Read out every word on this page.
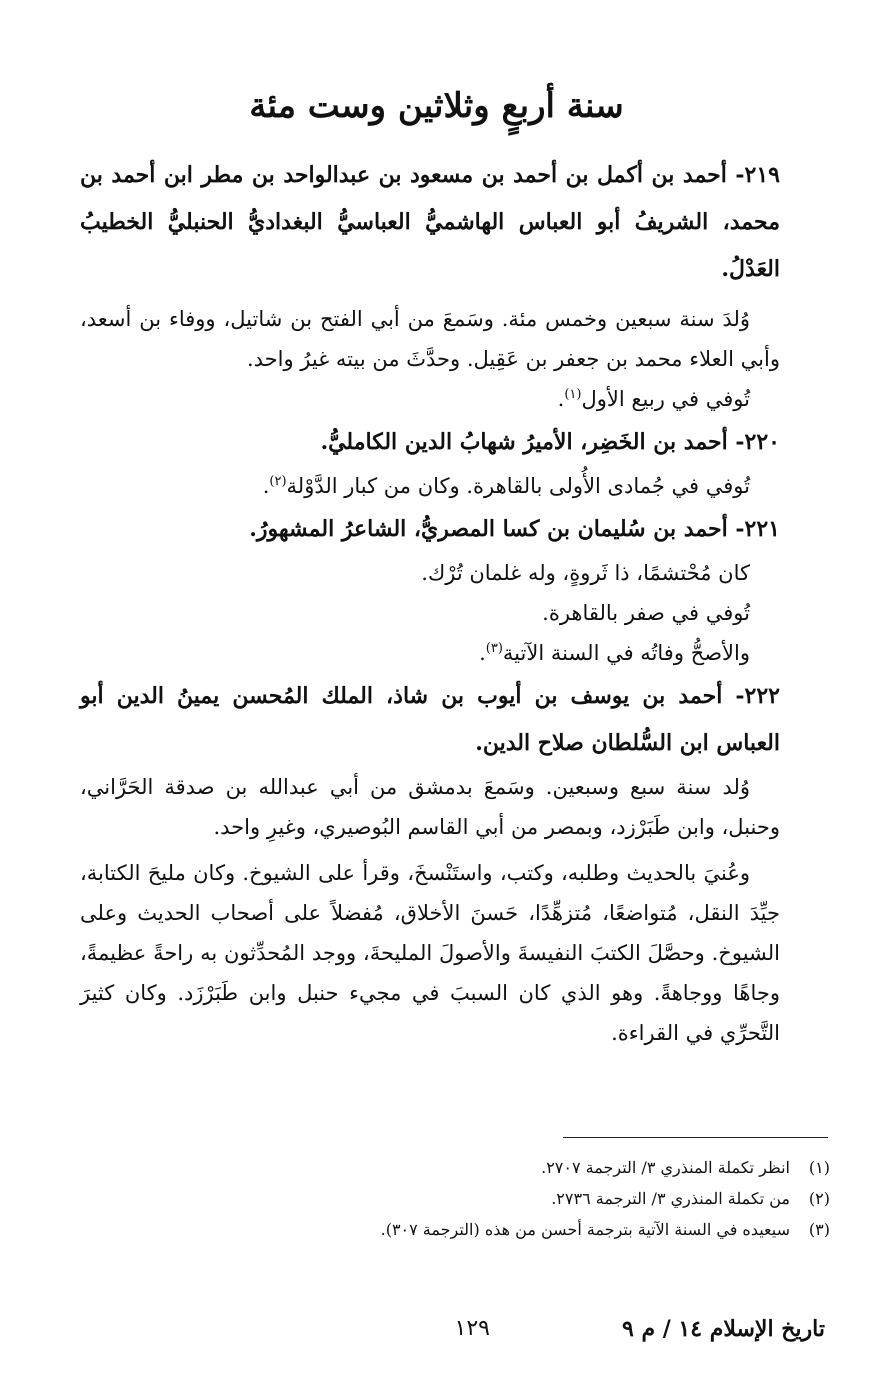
سنة أربعٍ وثلاثين وست مئة

٢١٩- أحمد بن أكمل بن أحمد بن مسعود بن عبدالواحد بن مطر ابن أحمد بن محمد، الشريفُ أبو العباس الهاشميُّ العباسيُّ البغداديُّ الحنبليُّ الخطيبُ العَدْلُ.

وُلدَ سنة سبعين وخمس مئة. وسَمعَ من أبي الفتح بن شاتيل، ووفاء بن أسعد، وأبي العلاء محمد بن جعفر بن عَقِيل. وحدَّثَ من بيته غيرُ واحد.

تُوفي في ربيع الأول$^{(١)}$.

٢٢٠- أحمد بن الخَضِر، الأميرُ شهابُ الدين الكامليُّ.

تُوفي في جُمادى الأُولى بالقاهرة. وكان من كبار الدَّوْلة$^{(٢)}$.

٢٢١- أحمد بن سُليمان بن كسا المصريُّ، الشاعرُ المشهورُ.

كان مُحْتشمًا، ذا ثَروةٍ، وله غلمان تُرْك.

تُوفي في صفر بالقاهرة.

والأصحُّ وفاتُه في السنة الآتية$^{(٣)}$.

٢٢٢- أحمد بن يوسف بن أيوب بن شاذ، الملك المُحسن يمينُ الدين أبو العباس ابن السُّلطان صلاح الدين.

وُلد سنة سبع وسبعين. وسَمعَ بدمشق من أبي عبدالله بن صدقة الحَرَّاني، وحنبل، وابن طَبَرْزد، وبمصر من أبي القاسم البُوصيري، وغيرِ واحد.

وعُنيَ بالحديث وطلبه، وكتب، واستَنْسخَ، وقرأ على الشيوخ. وكان مليحَ الكتابة، جيِّدَ النقل، مُتواضعًا، مُتزهِّدًا، حَسنَ الأخلاق، مُفضلاً على أصحاب الحديث وعلى الشيوخ. وحصَّلَ الكتبَ النفيسةَ والأصولَ المليحةَ، ووجد المُحدِّثون به راحةً عظيمةً، وجاهًا ووجاهةً. وهو الذي كان السببَ في مجيء حنبل وابن طَبَرْزَد. وكان كثيرَ التَّحرِّي في القراءة.

(١)
انظر تكملة المنذري ٣/ الترجمة ٢٧٠٧.
(٢)
من تكملة المنذري ٣/ الترجمة ٢٧٣٦.
(٣)
سيعيده في السنة الآتية بترجمة أحسن من هذه (الترجمة ٣٠٧).
تاريخ الإسلام ١٤ / م ٩
١٢٩
